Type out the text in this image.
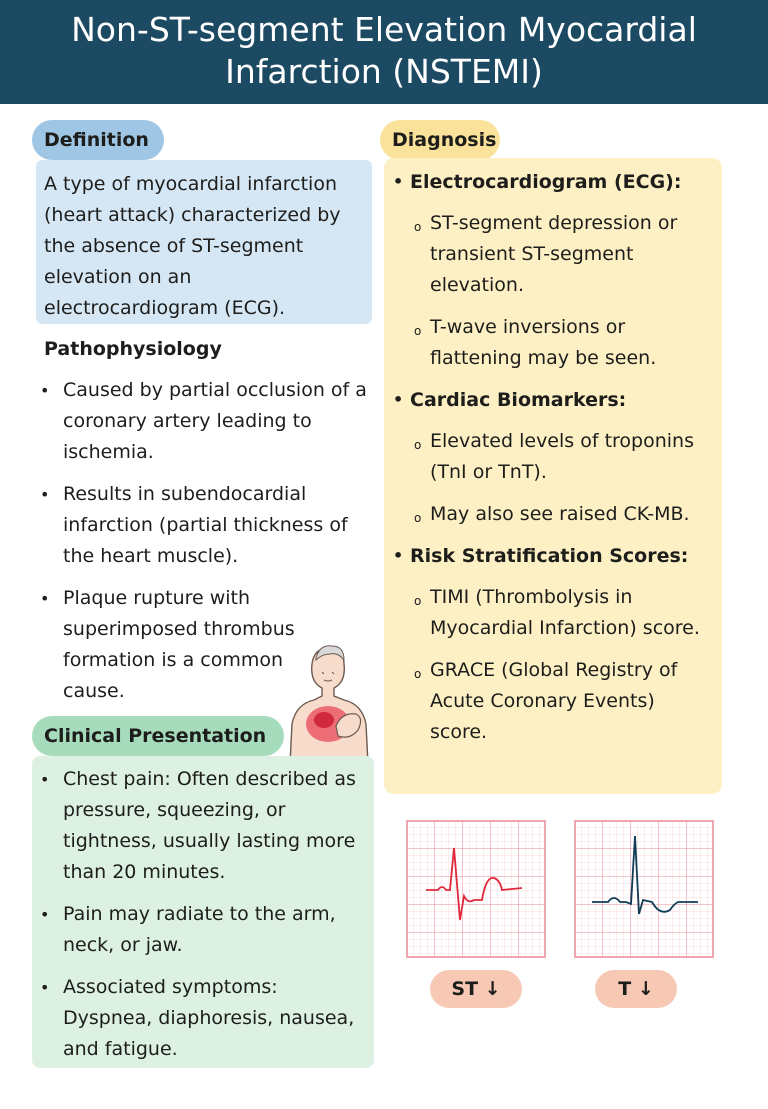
Non-ST-segment Elevation Myocardial Infarction (NSTEMI)
Definition
A type of myocardial infarction (heart attack) characterized by the absence of ST-segment elevation on an electrocardiogram (ECG).
Pathophysiology
• Caused by partial occlusion of a coronary artery leading to ischemia.
• Results in subendocardial infarction (partial thickness of the heart muscle).
• Plaque rupture with superimposed thrombus formation is a common cause.
Clinical Presentation
• Chest pain: Often described as pressure, squeezing, or tightness, usually lasting more than 20 minutes.
• Pain may radiate to the arm, neck, or jaw.
• Associated symptoms: Dyspnea, diaphoresis, nausea, and fatigue.
Diagnosis
• Electrocardiogram (ECG):
o ST-segment depression or transient ST-segment elevation.
o T-wave inversions or flattening may be seen.
• Cardiac Biomarkers:
o Elevated levels of troponins (TnI or TnT).
o May also see raised CK-MB.
• Risk Stratification Scores:
o TIMI (Thrombolysis in Myocardial Infarction) score.
o GRACE (Global Registry of Acute Coronary Events) score.
ST ↓	T ↓
